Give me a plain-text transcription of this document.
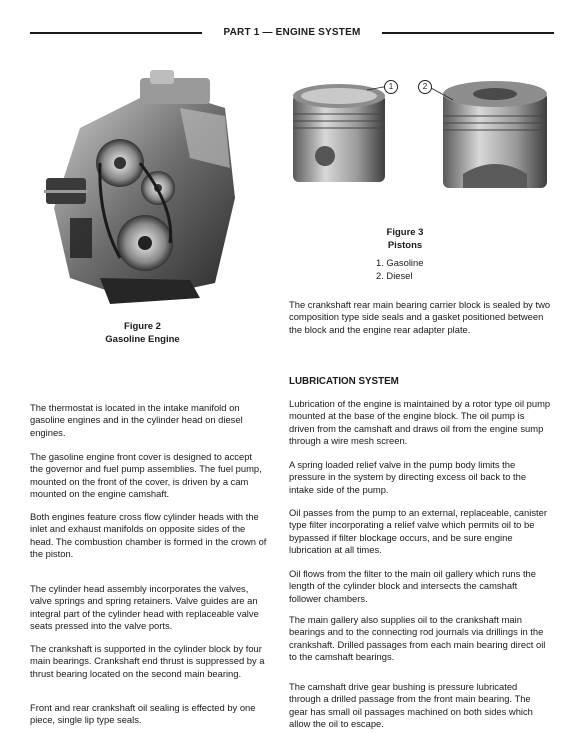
PART 1 — ENGINE SYSTEM
Figure 2
Gasoline Engine
1	2
Figure 3
Pistons
1. Gasoline
2. Diesel

The crankshaft rear main bearing carrier block is sealed by two composition type side seals and a gasket positioned between the block and the engine rear adapter plate.

LUBRICATION SYSTEM

Lubrication of the engine is maintained by a rotor type oil pump mounted at the base of the engine block. The oil pump is driven from the camshaft and draws oil from the engine sump through a wire mesh screen.

A spring loaded relief valve in the pump body limits the pressure in the system by directing excess oil back to the intake side of the pump.

Oil passes from the pump to an external, replaceable, canister type filter incorporating a relief valve which permits oil to be bypassed if filter blockage occurs, and be sure engine lubrication at all times.

Oil flows from the filter to the main oil gallery which runs the length of the cylinder block and intersects the camshaft follower chambers.

The main gallery also supplies oil to the crankshaft main bearings and to the connecting rod journals via drillings in the crankshaft. Drilled passages from each main bearing direct oil to the camshaft bearings.

The camshaft drive gear bushing is pressure lubricated through a drilled passage from the front main bearing. The gear has small oil passages machined on both sides which allow the oil to escape.

The thermostat is located in the intake manifold on gasoline engines and in the cylinder head on diesel engines.

The gasoline engine front cover is designed to accept the governor and fuel pump assemblies. The fuel pump, mounted on the front of the cover, is driven by a cam mounted on the engine camshaft.

Both engines feature cross flow cylinder heads with the inlet and exhaust manifolds on opposite sides of the head. The combustion chamber is formed in the crown of the piston.

The cylinder head assembly incorporates the valves, valve springs and spring retainers. Valve guides are an integral part of the cylinder head with replaceable valve seats pressed into the valve ports.

The crankshaft is supported in the cylinder block by four main bearings. Crankshaft end thrust is suppressed by a thrust bearing located on the second main bearing.

Front and rear crankshaft oil sealing is effected by one piece, single lip type seals.
